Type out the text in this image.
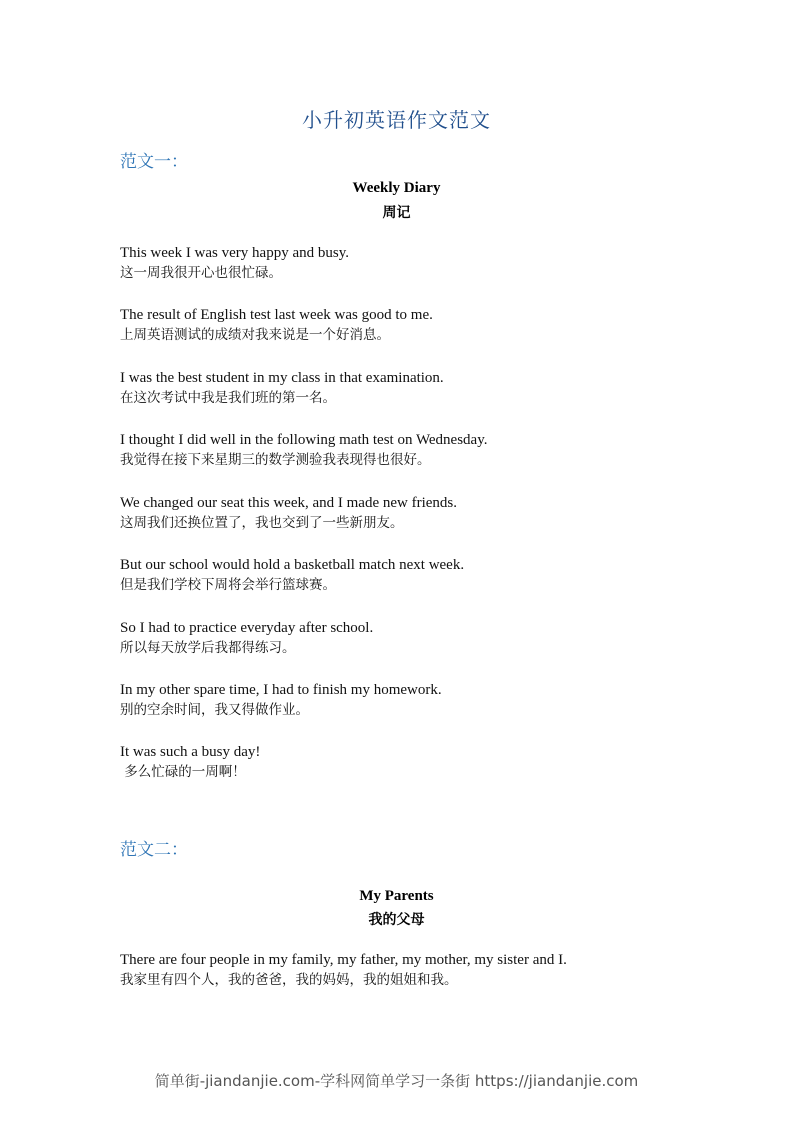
小升初英语作文范文
范文一：
Weekly Diary
周记
This week I was very happy and busy.
这一周我很开心也很忙碌。
The result of English test last week was good to me.
上周英语测试的成绩对我来说是一个好消息。
I was the best student in my class in that examination.
在这次考试中我是我们班的第一名。
I thought I did well in the following math test on Wednesday.
我觉得在接下来星期三的数学测验我表现得也很好。
We changed our seat this week, and I made new friends.
这周我们还换位置了，我也交到了一些新朋友。
But our school would hold a basketball match next week.
但是我们学校下周将会举行篮球赛。
So I had to practice everyday after school.
所以每天放学后我都得练习。
In my other spare time, I had to finish my homework.
别的空余时间，我又得做作业。
It was such a busy day!
多么忙碌的一周啊！
范文二：
My Parents
我的父母
There are four people in my family, my father, my mother, my sister and I.
我家里有四个人，我的爸爸，我的妈妈，我的姐姐和我。
简单街-jiandanjie.com-学科网简单学习一条街 https://jiandanjie.com
